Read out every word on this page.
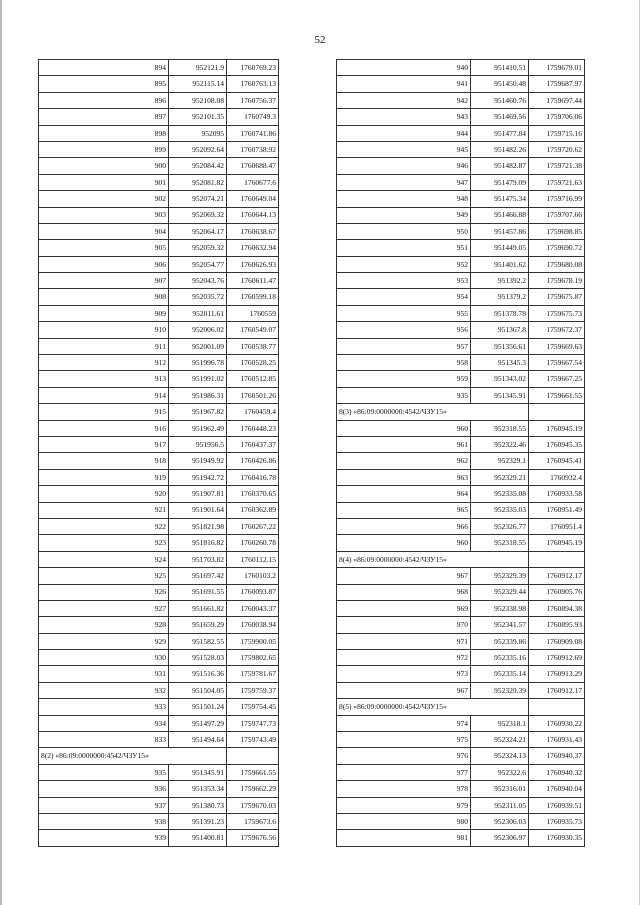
52
894	952121.9	1760769.23
895	952115.14	1760763.13
896	952108.08	1760756.37
897	952101.35	1760749.3
898	952095	1760741.86
899	952092.64	1760738.92
900	952084.42	1760688.47
901	952081.82	1760677.6
902	952074.21	1760649.04
903	952069.32	1760644.13
904	952064.17	1760638.67
905	952059.32	1760632.94
906	952054.77	1760626.93
907	952043.76	1760611.47
908	952035.72	1760599.18
909	952011.61	1760559
910	952006.02	1760549.07
911	952001.09	1760538.77
912	951996.78	1760528.25
913	951991.02	1760512.85
914	951986.31	1760501.26
915	951967.82	1760459.4
916	951962.49	1760448.23
917	951956.5	1760437.37
918	951949.92	1760426.86
919	951942.72	1760416.78
920	951907.81	1760370.65
921	951901.64	1760362.89
922	951821.98	1760267.22
923	951816.82	1760260.78
924	951703.82	1760112.15
925	951697.42	1760103.2
926	951691.55	1760093.87
927	951661.82	1760043.37
928	951659.29	1760038.94
929	951582.55	1759900.05
930	951528.03	1759802.65
931	951516.36	1759781.67
932	951504.05	1759759.37
933	951501.24	1759754.45
934	951497.29	1759747.73
833	951494.64	1759743.49
8(2) «86:09:0000000:4542/ЧЗУ15»		
935	951345.91	1759661.55
936	951353.34	1759662.29
937	951380.73	1759670.03
938	951391.23	1759673.6
939	951400.81	1759676.56
940	951410.51	1759679.01
941	951450.48	1759687.97
942	951460.76	1759697.44
943	951469.56	1759706.06
944	951477.84	1759715.16
945	951482.26	1759720.62
946	951482.87	1759721.38
947	951479.09	1759721.63
948	951475.34	1759716.99
949	951466.88	1759707.66
950	951457.86	1759698.85
951	951449.05	1759690.72
952	951401.62	1759680.08
953	951392.2	1759678.19
954	951379.2	1759675.87
955	951378.78	1759675.73
956	951367.8	1759672.37
957	951356.61	1759669.63
958	951345.3	1759667.54
959	951343.02	1759667.25
935	951345.91	1759661.55
8(3) «86:09:0000000:4542/ЧЗУ15»		
960	952318.55	1760945.19
961	952322.46	1760945.35
962	952329.1	1760945.41
963	952329.21	1760932.4
964	952335.08	1760933.58
965	952335.03	1760951.49
966	952326.77	1760951.4
960	952318.55	1760945.19
8(4) «86:09:0000000:4542/ЧЗУ15»		
967	952329.39	1760912.17
968	952329.44	1760905.76
969	952338.98	1760894.38
970	952341.57	1760895.93
971	952339.86	1760909.08
972	952335.16	1760912.69
973	952335.14	1760913.29
967	952329.39	1760912.17
8(5) «86:09:0000000:4542/ЧЗУ15»		
974	952318.1	1760930.22
975	952324.21	1760931.43
976	952324.13	1760940.37
977	952322.6	1760940.32
978	952316.01	1760940.04
979	952311.05	1760939.51
980	952306.03	1760935.73
981	952306.97	1760930.35
